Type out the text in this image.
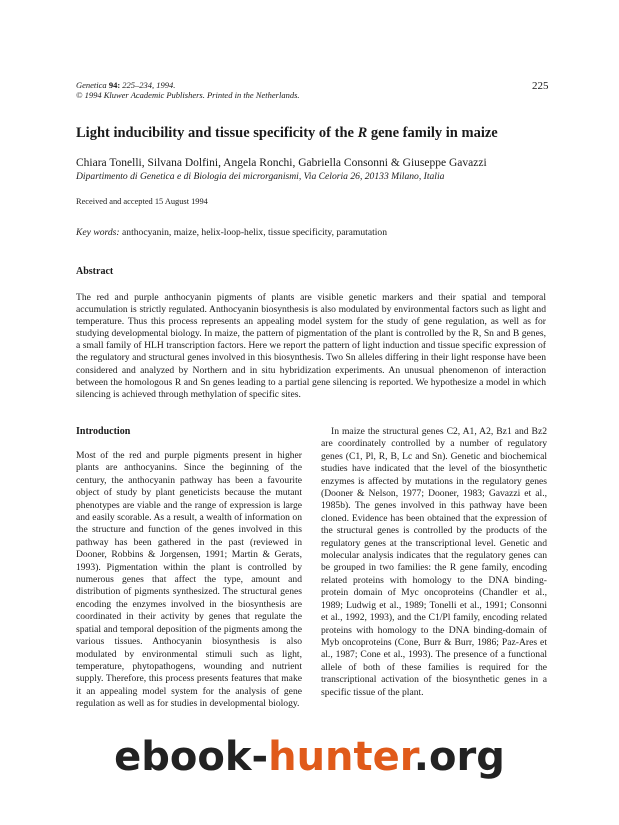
Genetica 94: 225–234, 1994.
© 1994 Kluwer Academic Publishers. Printed in the Netherlands.
225
Light inducibility and tissue specificity of the R gene family in maize
Chiara Tonelli, Silvana Dolfini, Angela Ronchi, Gabriella Consonni & Giuseppe Gavazzi
Dipartimento di Genetica e di Biologia dei microrganismi, Via Celoria 26, 20133 Milano, Italia
Received and accepted 15 August 1994
Key words: anthocyanin, maize, helix-loop-helix, tissue specificity, paramutation
Abstract
The red and purple anthocyanin pigments of plants are visible genetic markers and their spatial and temporal accumulation is strictly regulated. Anthocyanin biosynthesis is also modulated by environmental factors such as light and temperature. Thus this process represents an appealing model system for the study of gene regulation, as well as for studying developmental biology. In maize, the pattern of pigmentation of the plant is controlled by the R, Sn and B genes, a small family of HLH transcription factors. Here we report the pattern of light induction and tissue specific expression of the regulatory and structural genes involved in this biosynthesis. Two Sn alleles differing in their light response have been considered and analyzed by Northern and in situ hybridization experiments. An unusual phenomenon of interaction between the homologous R and Sn genes leading to a partial gene silencing is reported. We hypothesize a model in which silencing is achieved through methylation of specific sites.
Introduction

Most of the red and purple pigments present in higher plants are anthocyanins. Since the beginning of the century, the anthocyanin pathway has been a favourite object of study by plant geneticists because the mutant phenotypes are viable and the range of expression is large and easily scorable. As a result, a wealth of information on the structure and function of the genes involved in this pathway has been gathered in the past (reviewed in Dooner, Robbins & Jorgensen, 1991; Martin & Gerats, 1993). Pigmentation within the plant is controlled by numerous genes that affect the type, amount and distribution of pigments synthesized. The structural genes encoding the enzymes involved in the biosynthesis are coordinated in their activity by genes that regulate the spatial and temporal deposition of the pigments among the various tissues. Anthocyanin biosynthesis is also modulated by environmental stimuli such as light, temperature, phytopathogens, wounding and nutrient supply. Therefore, this process presents features that make it an appealing model system for the analysis of gene regulation as well as for studies in developmental biology.

In maize the structural genes C2, A1, A2, Bz1 and Bz2 are coordinately controlled by a number of regulatory genes (C1, Pl, R, B, Lc and Sn). Genetic and biochemical studies have indicated that the level of the biosynthetic enzymes is affected by mutations in the regulatory genes (Dooner & Nelson, 1977; Dooner, 1983; Gavazzi et al., 1985b). The genes involved in this pathway have been cloned. Evidence has been obtained that the expression of the structural genes is controlled by the products of the regulatory genes at the transcriptional level. Genetic and molecular analysis indicates that the regulatory genes can be grouped in two families: the R gene family, encoding related proteins with homology to the DNA binding-protein domain of Myc oncoproteins (Chandler et al., 1989; Ludwig et al., 1989; Tonelli et al., 1991; Consonni et al., 1992, 1993), and the C1/Pl family, encoding related proteins with homology to the DNA binding-domain of Myb oncoproteins (Cone, Burr & Burr, 1986; Paz-Ares et al., 1987; Cone et al., 1993). The presence of a functional allele of both of these families is required for the transcriptional activation of the biosynthetic genes in a specific tissue of the plant.

ebook-hunter.org
